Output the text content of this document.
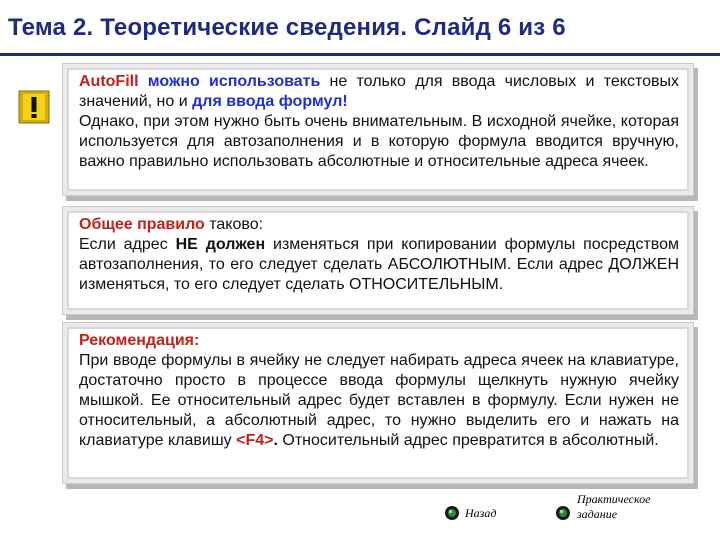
Тема 2. Теоретические сведения. Слайд 6 из 6

AutoFill можно использовать не только для ввода числовых и текстовых значений, но и для ввода формул!

Однако, при этом нужно быть очень внимательным. В исходной ячейке, которая используется для автозаполнения и в которую формула вводится вручную, важно правильно использовать абсолютные и относительные адреса ячеек.

Общее правило таково:

Если адрес НЕ должен изменяться при копировании формулы посредством автозаполнения, то его следует сделать АБСОЛЮТНЫМ. Если адрес ДОЛЖЕН изменяться, то его следует сделать ОТНОСИТЕЛЬНЫМ.

Рекомендация:

При вводе формулы в ячейку не следует набирать адреса ячеек на клавиатуре, достаточно просто в процессе ввода формулы щелкнуть нужную ячейку мышкой. Ее относительный адрес будет вставлен в формулу. Если нужен не относительный, а абсолютный адрес, то нужно выделить его и нажать на клавиатуре клавишу <F4>. Относительный адрес превратится в абсолютный.

Назад
Практическое
задание
